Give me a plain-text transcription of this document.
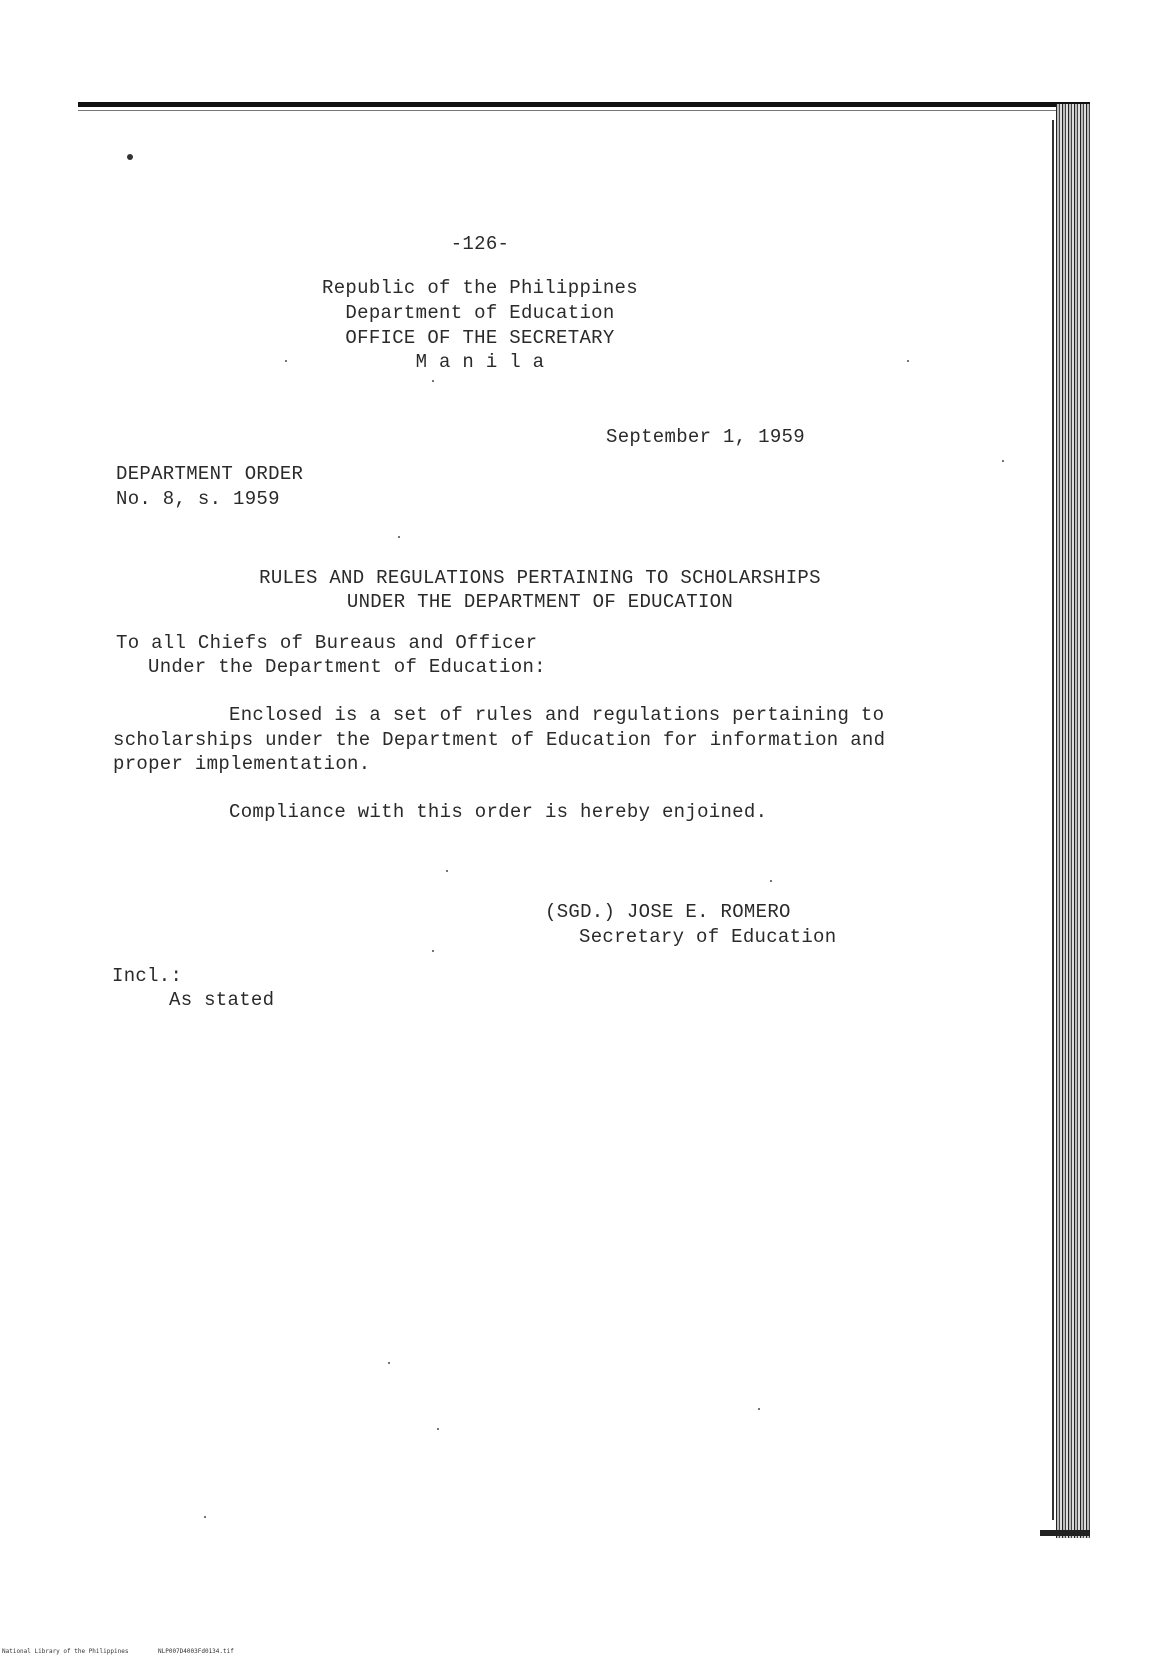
-126-
Republic of the Philippines
Department of Education
OFFICE OF THE SECRETARY
M a n i l a
September 1, 1959
DEPARTMENT ORDER
No. 8, s. 1959
RULES AND REGULATIONS PERTAINING TO SCHOLARSHIPS
UNDER THE DEPARTMENT OF EDUCATION
To all Chiefs of Bureaus and Officer
Under the Department of Education:
Enclosed is a set of rules and regulations pertaining to
scholarships under the Department of Education for information and
proper implementation.
Compliance with this order is hereby enjoined.
(SGD.) JOSE E. ROMERO
Secretary of Education
Incl.:
As stated
National Library of the Philippines	NLP007D4003Fd0134.tif
